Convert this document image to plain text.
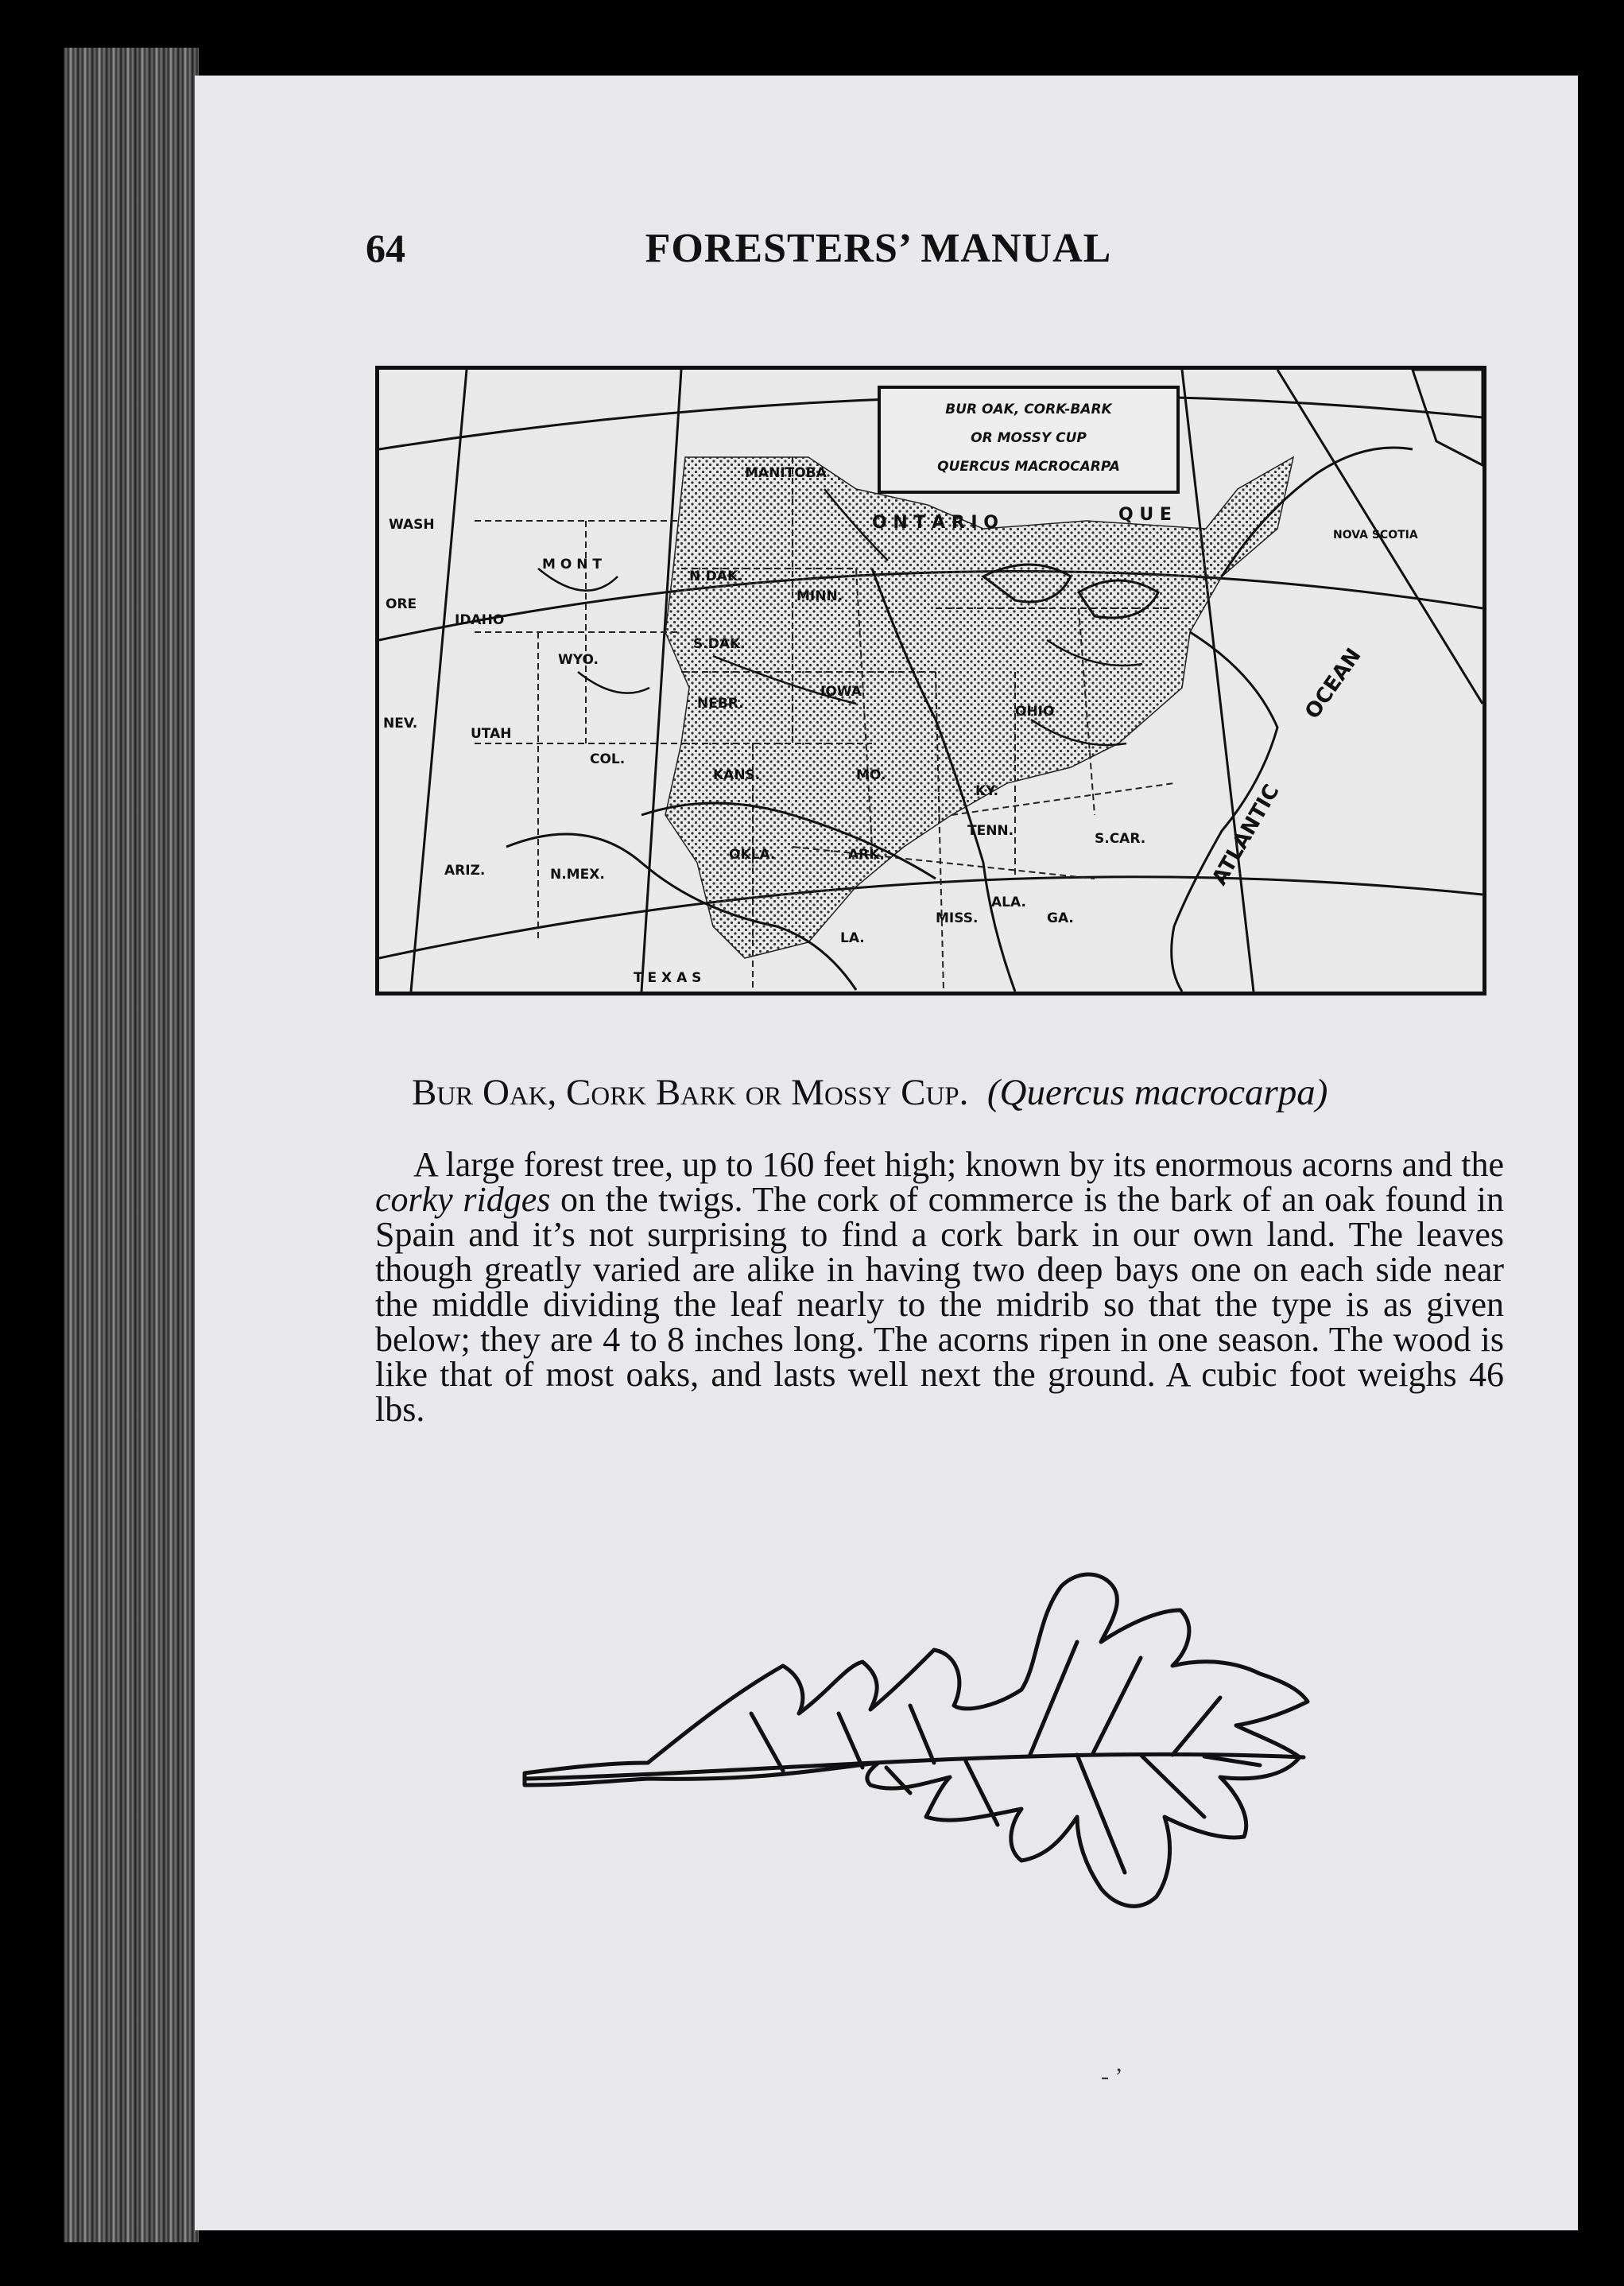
64	FORESTERS’ MANUAL
BUR OAK, CORK-BARK
OR MOSSY CUP
QUERCUS MACROCARPA
WASH
ORE
IDAHO
M O N T
WYO.
NEV.
UTAH
COL.
ARIZ.	N.MEX.
T E X A S
N.DAK.
S.DAK.
NEBR.
KANS.
OKLA.
MINN.
IOWA
MO.
ARK.
LA.
MISS.
ALA.
GA.
S.CAR.
OHIO
KY.
TENN.
MANITOBA
O N T A R I O	Q U E
NOVA SCOTIA
OCEAN
ATLANTIC
Bur Oak, Cork Bark or Mossy Cup. (Quercus macrocarpa)
A large forest tree, up to 160 feet high; known by its enormous acorns and the corky ridges on the twigs. The cork of commerce is the bark of an oak found in Spain and it’s not surprising to find a cork bark in our own land. The leaves though greatly varied are alike in having two deep bays one on each side near the middle dividing the leaf nearly to the midrib so that the type is as given below; they are 4 to 8 inches long. The acorns ripen in one season. The wood is like that of most oaks, and lasts well next the ground. A cubic foot weighs 46 lbs.
- ’
